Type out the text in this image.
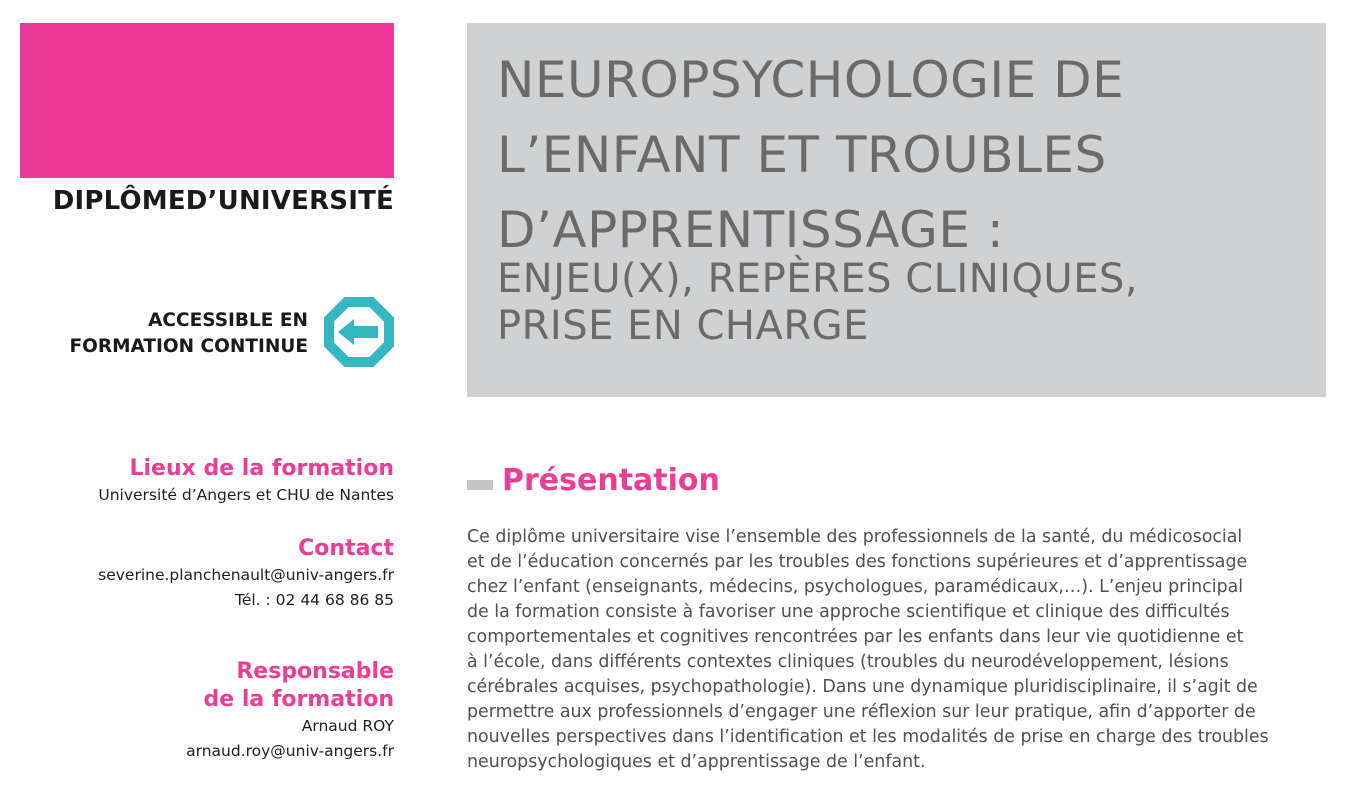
DIPLÔMED’UNIVERSITÉ
ACCESSIBLE EN
FORMATION CONTINUE
Lieux de la formation
Université d’Angers et CHU de Nantes
Contact
severine.planchenault@univ-angers.fr
Tél. : 02 44 68 86 85
Responsable
de la formation
Arnaud ROY
arnaud.roy@univ-angers.fr
NEUROPSYCHOLOGIE DE
L’ENFANT ET TROUBLES
D’APPRENTISSAGE :
ENJEU(X), REPÈRES CLINIQUES,
PRISE EN CHARGE
Présentation
Ce diplôme universitaire vise l’ensemble des professionnels de la santé, du médicosocial
et de l’éducation concernés par les troubles des fonctions supérieures et d’apprentissage
chez l’enfant (enseignants, médecins, psychologues, paramédicaux,…). L’enjeu principal
de la formation consiste à favoriser une approche scientifique et clinique des difficultés
comportementales et cognitives rencontrées par les enfants dans leur vie quotidienne et
à l’école, dans différents contextes cliniques (troubles du neurodéveloppement, lésions
cérébrales acquises, psychopathologie). Dans une dynamique pluridisciplinaire, il s’agit de
permettre aux professionnels d’engager une réflexion sur leur pratique, afin d’apporter de
nouvelles perspectives dans l’identification et les modalités de prise en charge des troubles
neuropsychologiques et d’apprentissage de l’enfant.
